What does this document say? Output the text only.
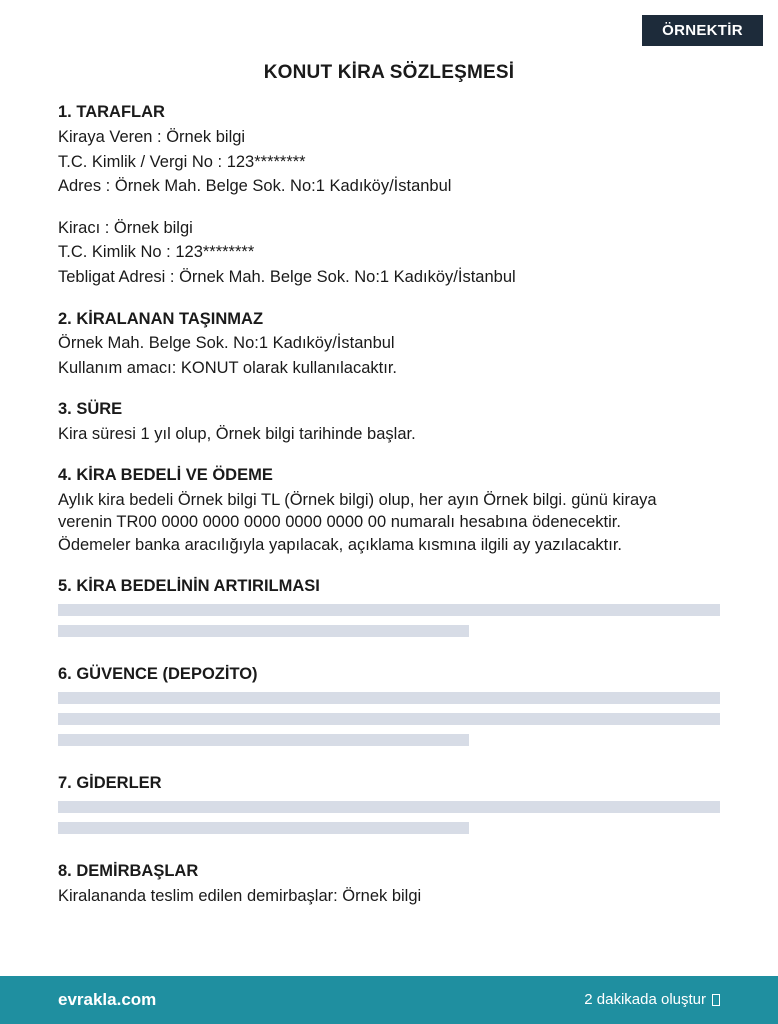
ÖRNEKTİR
KONUT KİRA SÖZLEŞMESİ
1. TARAFLAR
Kiraya Veren : Örnek bilgi
T.C. Kimlik / Vergi No : 123********
Adres : Örnek Mah. Belge Sok. No:1 Kadıköy/İstanbul
Kiracı : Örnek bilgi
T.C. Kimlik No : 123********
Tebligat Adresi : Örnek Mah. Belge Sok. No:1 Kadıköy/İstanbul
2. KİRALANAN TAŞINMAZ
Örnek Mah. Belge Sok. No:1 Kadıköy/İstanbul
Kullanım amacı: KONUT olarak kullanılacaktır.
3. SÜRE
Kira süresi 1 yıl olup, Örnek bilgi tarihinde başlar.
4. KİRA BEDELİ VE ÖDEME
Aylık kira bedeli Örnek bilgi TL (Örnek bilgi) olup, her ayın Örnek bilgi. günü kiraya
verenin TR00 0000 0000 0000 0000 0000 00 numaralı hesabına ödenecektir.
Ödemeler banka aracılığıyla yapılacak, açıklama kısmına ilgili ay yazılacaktır.
5. KİRA BEDELİNİN ARTIRILMASI
6. GÜVENCE (DEPOZİTO)
7. GİDERLER
8. DEMİRBAŞLAR
Kiralananda teslim edilen demirbaşlar: Örnek bilgi
evrakla.com	2 dakikada oluştur
